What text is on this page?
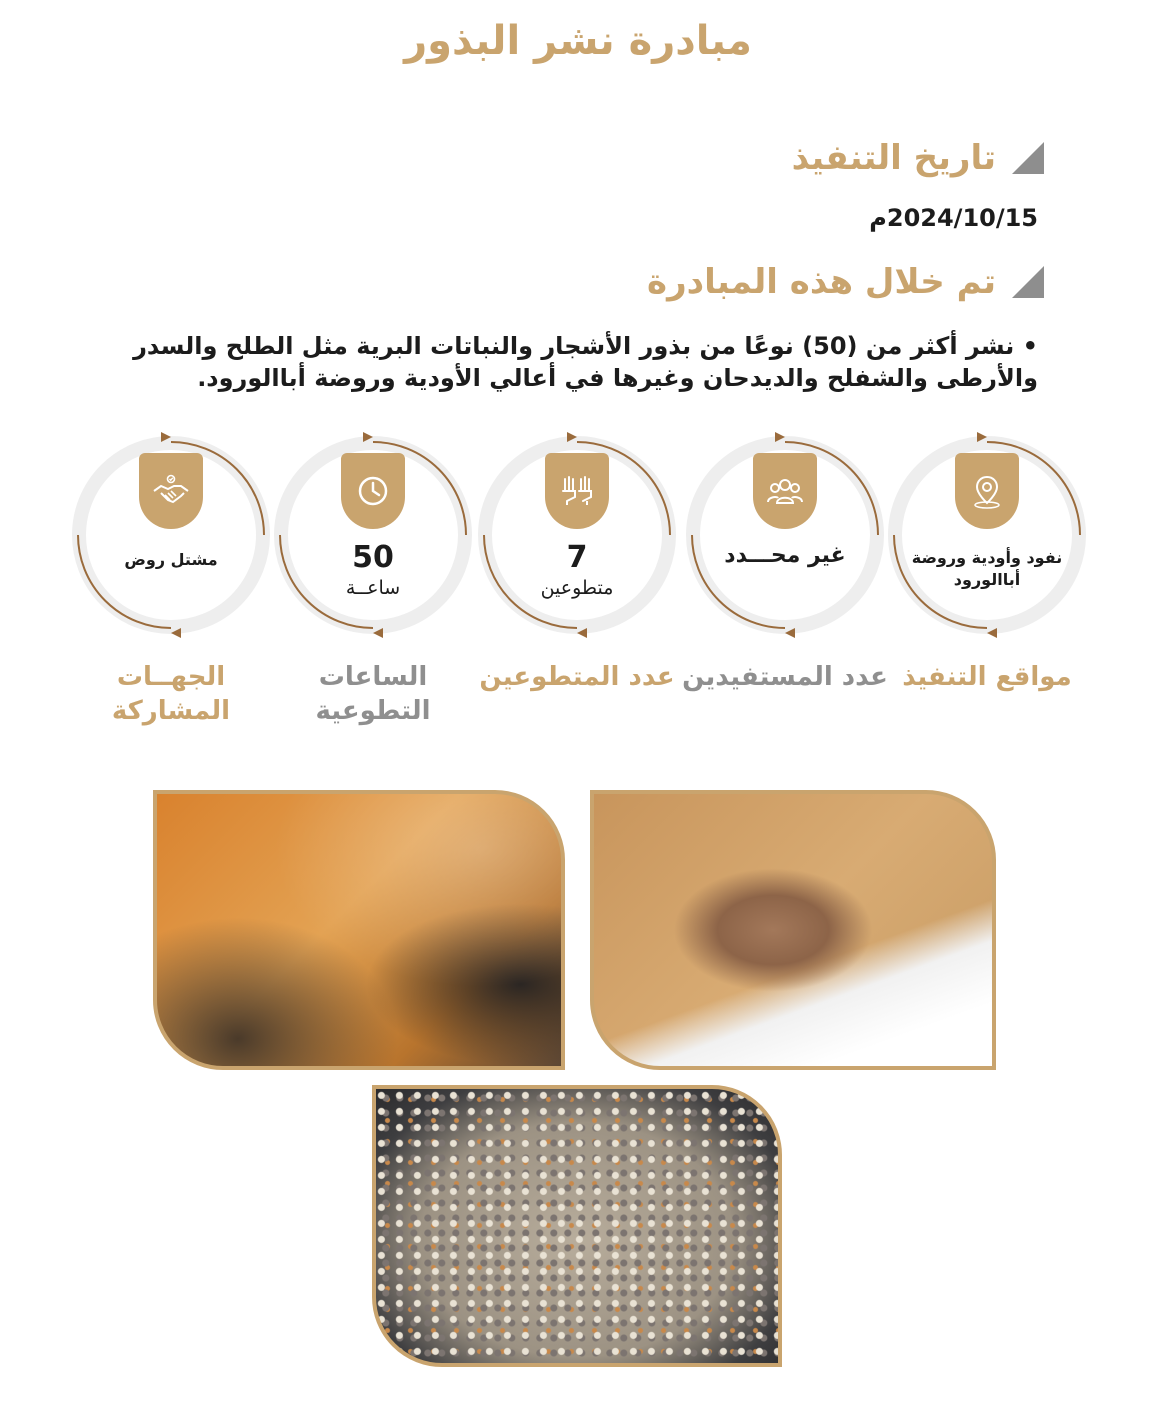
مبادرة نشر البذور
تاريخ التنفيذ
2024/10/15م
تم خلال هذه المبادرة
• نشر أكثر من (50) نوعًا من بذور الأشجار والنباتات البرية مثل الطلح والسدر والأرطى والشفلح والديدحان وغيرها في أعالي الأودية وروضة أباالورود.
نفود وأودية وروضة أباالورود
مواقع التنفيذ
غير محـــدد
عدد المستفيدين
7
متطوعين
عدد المتطوعين
50
ساعــة
الساعات التطوعية
مشتل روض
الجهــات المشاركة
